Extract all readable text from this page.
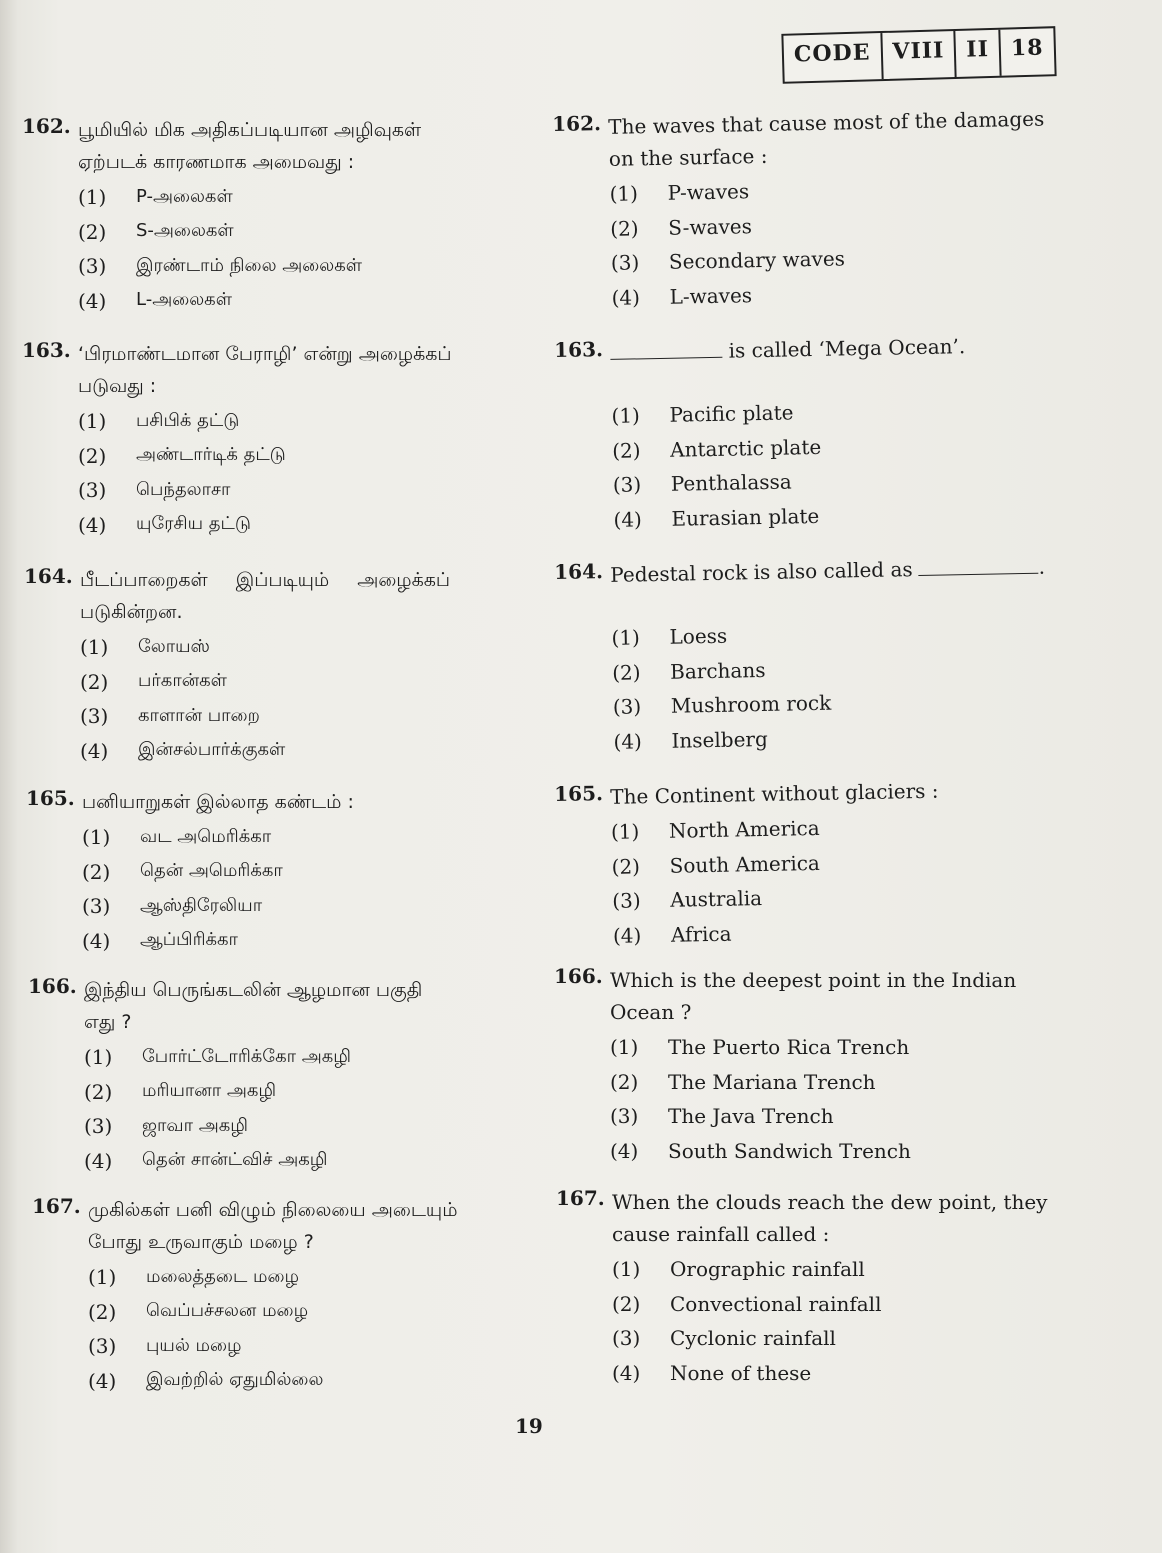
CODE VIII II 18
162. பூமியில் மிக அதிகப்படியான அழிவுகள்
ஏற்படக் காரணமாக அமைவது :
(1)	P-அலைகள்
(2)	S-அலைகள்
(3)	இரண்டாம் நிலை அலைகள்
(4)	L-அலைகள்
163. ‘பிரமாண்டமான பேராழி’ என்று அழைக்கப்
படுவது :
(1)	பசிபிக் தட்டு
(2)	அண்டார்டிக் தட்டு
(3)	பெந்தலாசா
(4)	யுரேசிய தட்டு
164. பீடப்பாறைகள் இப்படியும் அழைக்கப்
படுகின்றன.
(1)	லோயஸ்
(2)	பர்கான்கள்
(3)	காளான் பாறை
(4)	இன்சல்பார்க்குகள்
165. பனியாறுகள் இல்லாத கண்டம் :
(1)	வட அமெரிக்கா
(2)	தென் அமெரிக்கா
(3)	ஆஸ்திரேலியா
(4)	ஆப்பிரிக்கா
166. இந்திய பெருங்கடலின் ஆழமான பகுதி
எது ?
(1)	போர்ட்டோரிக்கோ அகழி
(2)	மரியானா அகழி
(3)	ஜாவா அகழி
(4)	தென் சான்ட்விச் அகழி
167. முகில்கள் பனி விழும் நிலையை அடையும்
போது உருவாகும் மழை ?
(1)	மலைத்தடை மழை
(2)	வெப்பச்சலன மழை
(3)	புயல் மழை
(4)	இவற்றில் ஏதுமில்லை
162. The waves that cause most of the damages
on the surface :
(1)	P-waves
(2)	S-waves
(3)	Secondary waves
(4)	L-waves
163.	is called ‘Mega Ocean’.
(1)	Pacific plate
(2)	Antarctic plate
(3)	Penthalassa
(4)	Eurasian plate
164. Pedestal rock is also called as	.
(1)	Loess
(2)	Barchans
(3)	Mushroom rock
(4)	Inselberg
165. The Continent without glaciers :
(1)	North America
(2)	South America
(3)	Australia
(4)	Africa
166. Which is the deepest point in the Indian
Ocean ?
(1)	The Puerto Rica Trench
(2)	The Mariana Trench
(3)	The Java Trench
(4)	South Sandwich Trench
167. When the clouds reach the dew point, they
cause rainfall called :
(1)	Orographic rainfall
(2)	Convectional rainfall
(3)	Cyclonic rainfall
(4)	None of these
19
